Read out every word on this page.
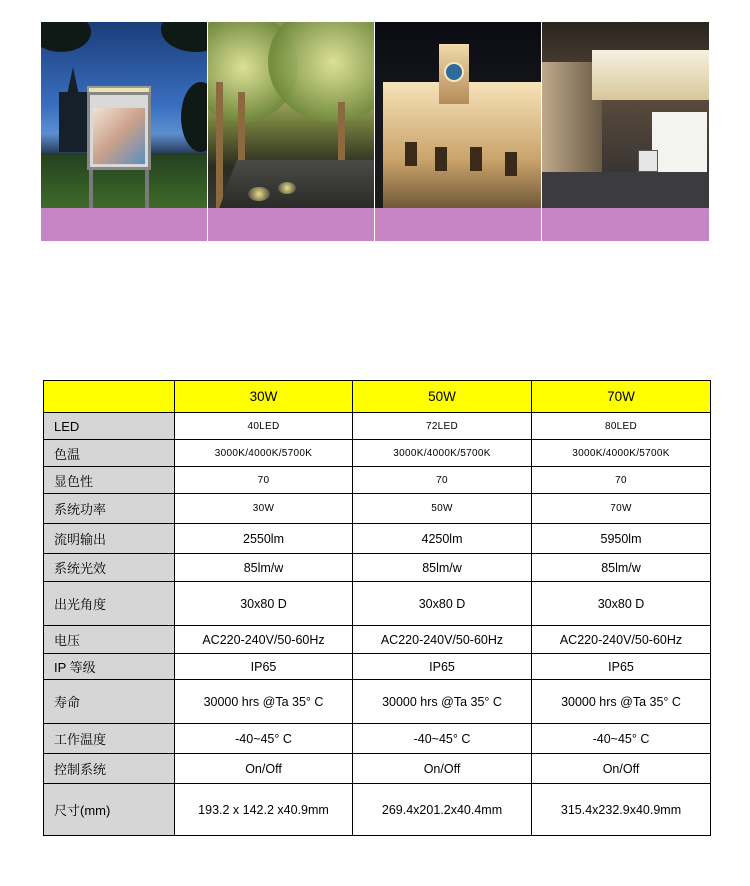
	30W	50W	70W
LED	40LED	72LED	80LED
色温	3000K/4000K/5700K	3000K/4000K/5700K	3000K/4000K/5700K
显色性	70	70	70
系统功率	30W	50W	70W
流明输出	2550lm	4250lm	5950lm
系统光效	85lm/w	85lm/w	85lm/w
出光角度	30x80 D	30x80 D	30x80 D
电压	AC220-240V/50-60Hz	AC220-240V/50-60Hz	AC220-240V/50-60Hz
IP 等级	IP65	IP65	IP65
寿命	30000 hrs @Ta 35° C	30000 hrs @Ta 35° C	30000 hrs @Ta 35° C
工作温度	-40~45° C	-40~45° C	-40~45° C
控制系统	On/Off	On/Off	On/Off
尺寸(mm)	193.2 x 142.2 x40.9mm	269.4x201.2x40.4mm	315.4x232.9x40.9mm
